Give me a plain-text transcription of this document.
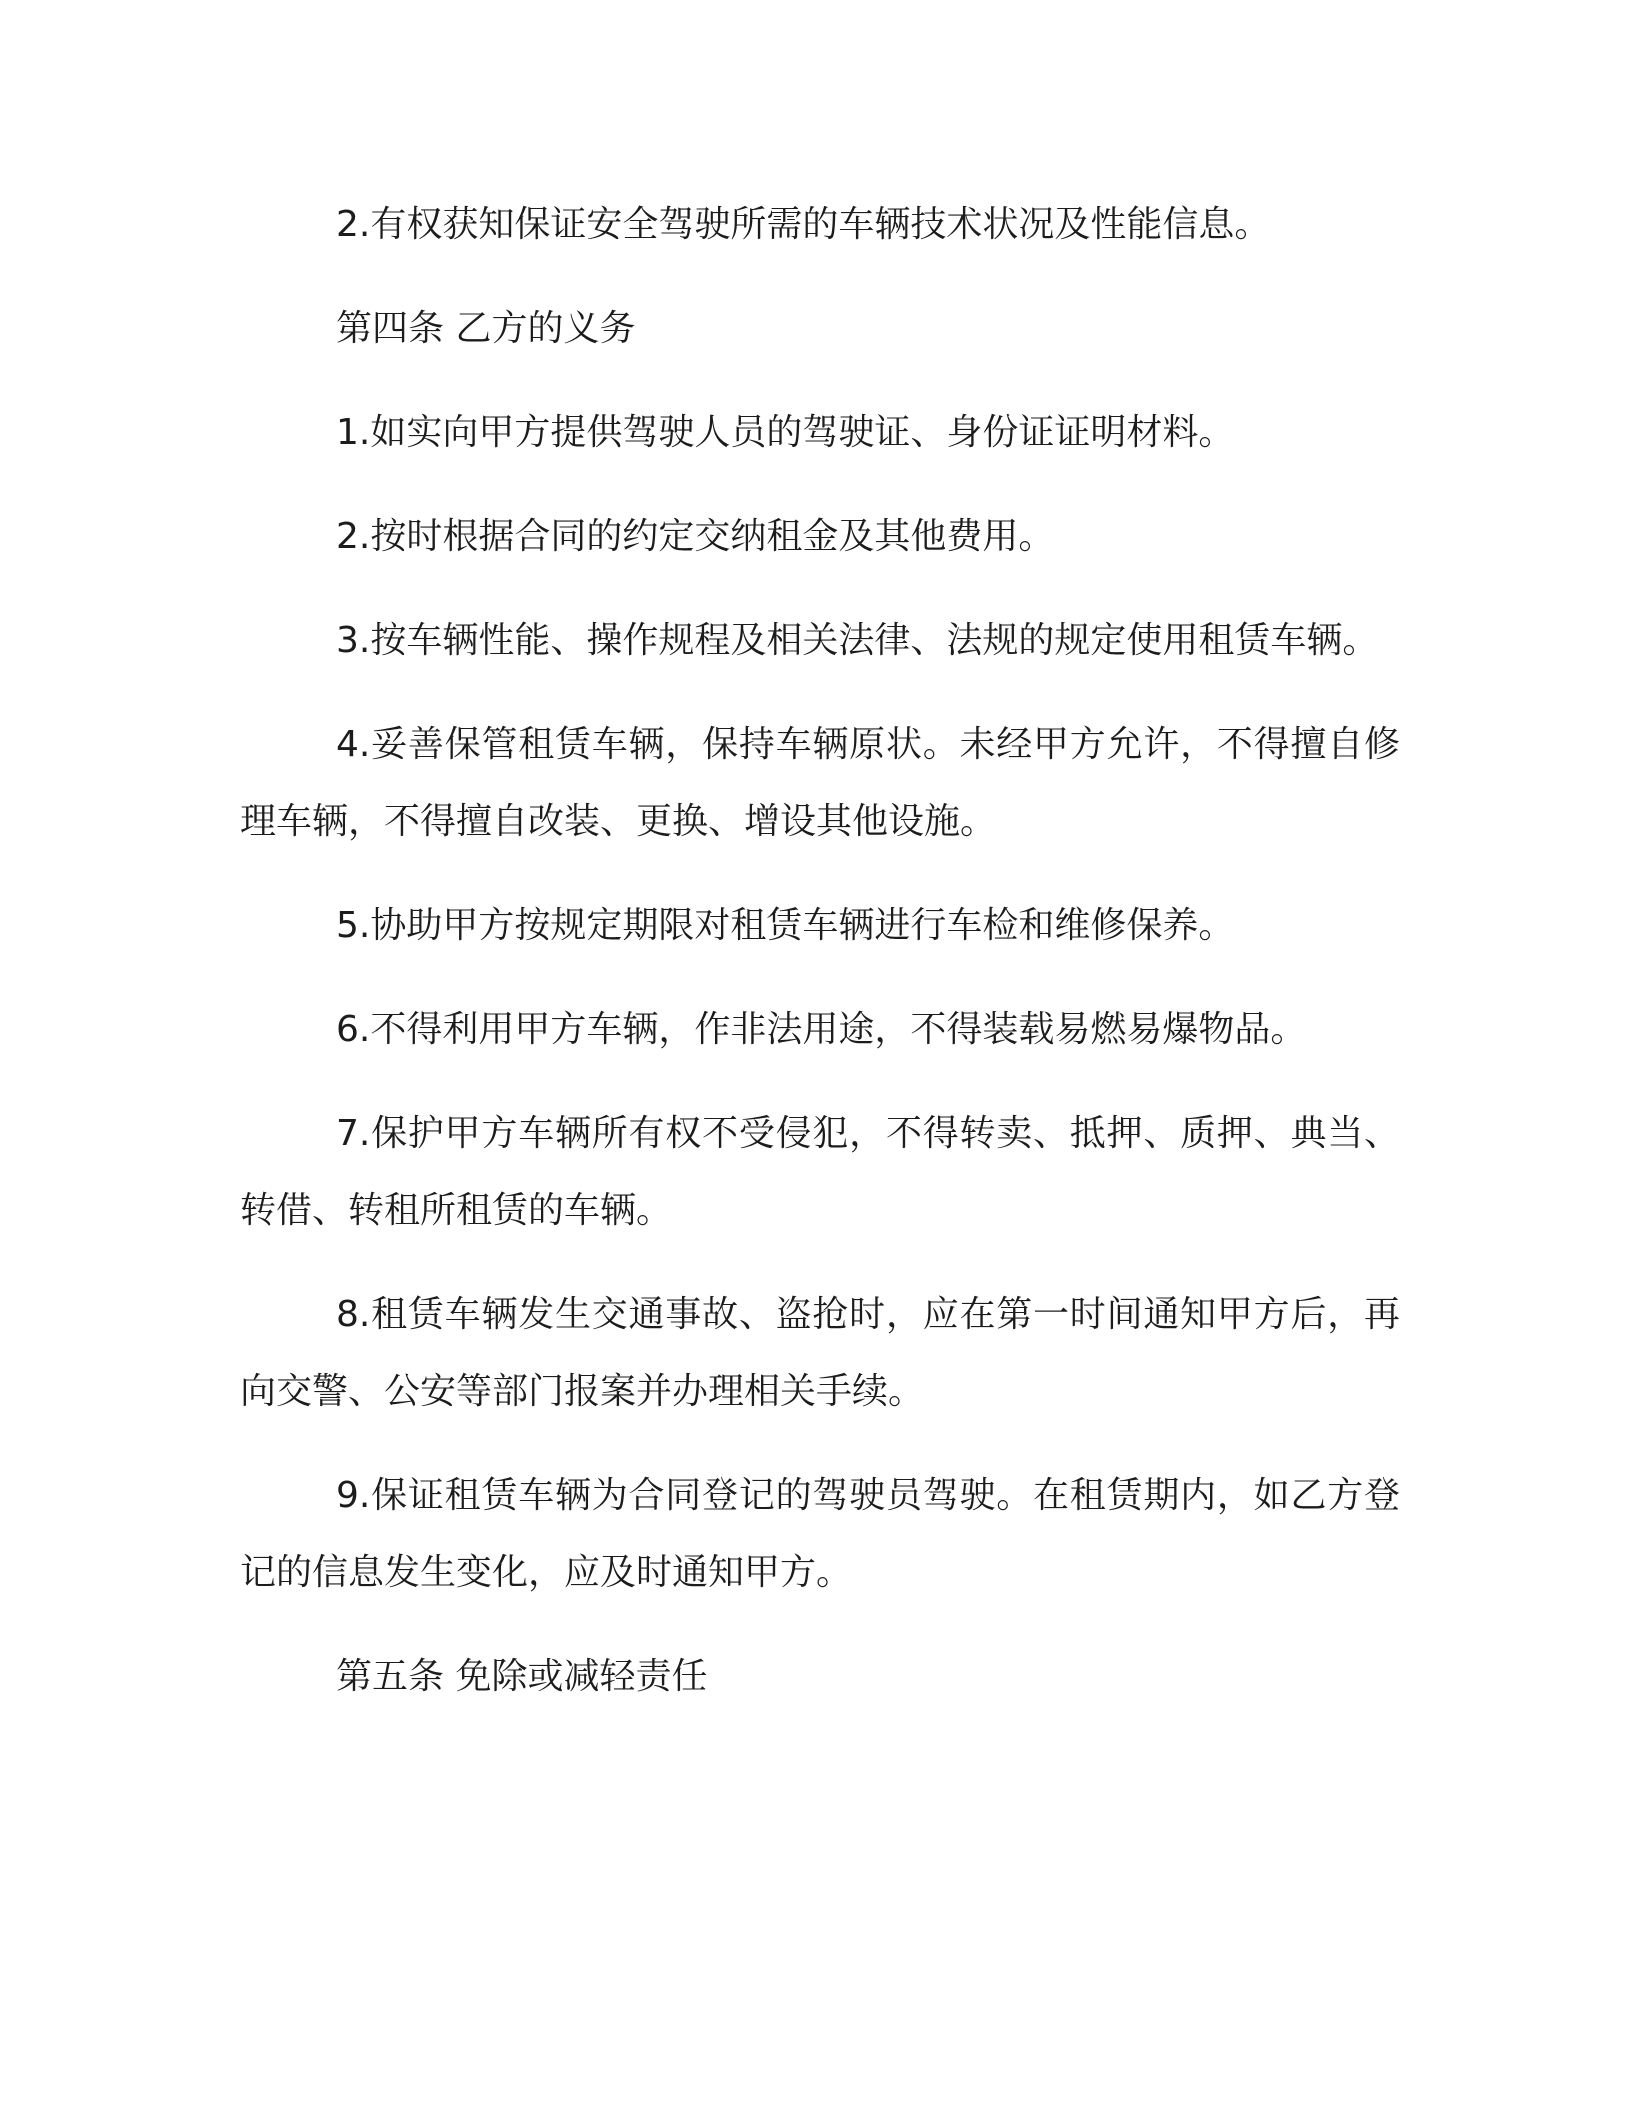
2.有权获知保证安全驾驶所需的车辆技术状况及性能信息。

第四条 乙方的义务

1.如实向甲方提供驾驶人员的驾驶证、身份证证明材料。

2.按时根据合同的约定交纳租金及其他费用。

3.按车辆性能、操作规程及相关法律、法规的规定使用租赁车辆。

4.妥善保管租赁车辆，保持车辆原状。未经甲方允许，不得擅自修理车辆，不得擅自改装、更换、增设其他设施。

5.协助甲方按规定期限对租赁车辆进行车检和维修保养。

6.不得利用甲方车辆，作非法用途，不得装载易燃易爆物品。

7.保护甲方车辆所有权不受侵犯，不得转卖、抵押、质押、典当、转借、转租所租赁的车辆。

8.租赁车辆发生交通事故、盗抢时，应在第一时间通知甲方后，再向交警、公安等部门报案并办理相关手续。

9.保证租赁车辆为合同登记的驾驶员驾驶。在租赁期内，如乙方登记的信息发生变化，应及时通知甲方。

第五条 免除或减轻责任
